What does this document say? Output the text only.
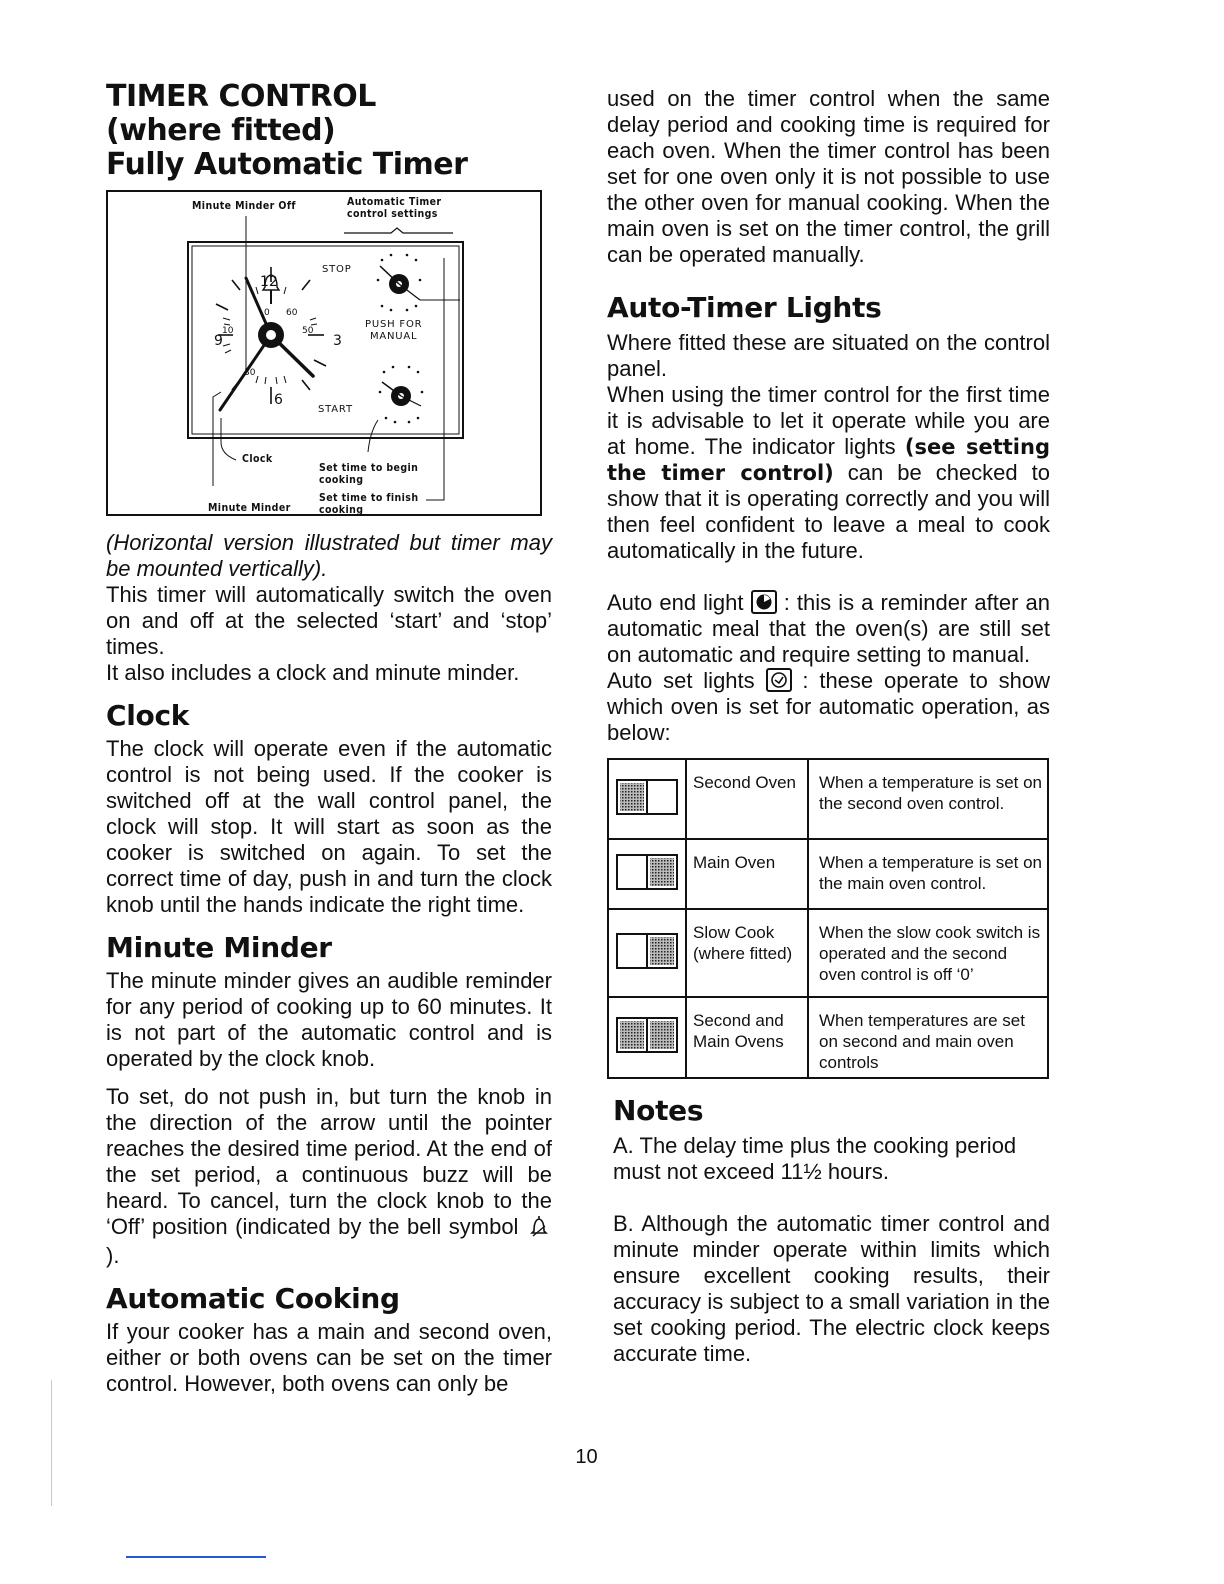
TIMER CONTROL
(where fitted)
Fully Automatic Timer
Minute Minder Off	Automatic Timer
control settings
STOP
PUSH FOR
MANUAL
START
12
3
6
9
0
10
30
50
60
Clock
Minute Minder
Set time to begin
cooking
Set time to finish
cooking

(Horizontal version illustrated but timer may be mounted vertically).

This timer will automatically switch the oven on and off at the selected ‘start’ and ‘stop’ times.

It also includes a clock and minute minder.

Clock

The clock will operate even if the automatic control is not being used. If the cooker is switched off at the wall control panel, the clock will stop. It will start as soon as the cooker is switched on again. To set the correct time of day, push in and turn the clock knob until the hands indicate the right time.

Minute Minder

The minute minder gives an audible reminder for any period of cooking up to 60 minutes. It is not part of the automatic control and is operated by the clock knob.

To set, do not push in, but turn the knob in the direction of the arrow until the pointer reaches the desired time period. At the end of the set period, a continuous buzz will be heard. To cancel, turn the clock knob to the ‘Off’ position (indicated by the bell symbol ).

Automatic Cooking

If your cooker has a main and second oven, either or both ovens can be set on the timer control. However, both ovens can only be

used on the timer control when the same delay period and cooking time is required for each oven. When the timer control has been set for one oven only it is not possible to use the other oven for manual cooking. When the main oven is set on the timer control, the grill can be operated manually.

Auto-Timer Lights

Where fitted these are situated on the control panel.

When using the timer control for the first time it is advisable to let it operate while you are at home. The indicator lights (see setting the timer control) can be checked to show that it is operating correctly and you will then feel confident to leave a meal to cook automatically in the future.

Auto end light : this is a reminder after an automatic meal that the oven(s) are still set on automatic and require setting to manual.

Auto set lights : these operate to show which oven is set for automatic operation, as below:

	Second Oven	When a temperature is set on the second oven control.
	Main Oven	When a temperature is set on the main oven control.
	Slow Cook (where fitted)	When the slow cook switch is operated and the second oven control is off ‘0’
	Second and Main Ovens	When temperatures are set on second and main oven controls
Notes

A. The delay time plus the cooking period must not exceed 11½ hours.

B. Although the automatic timer control and minute minder operate within limits which ensure excellent cooking results, their accuracy is subject to a small variation in the set cooking period. The electric clock keeps accurate time.

10
